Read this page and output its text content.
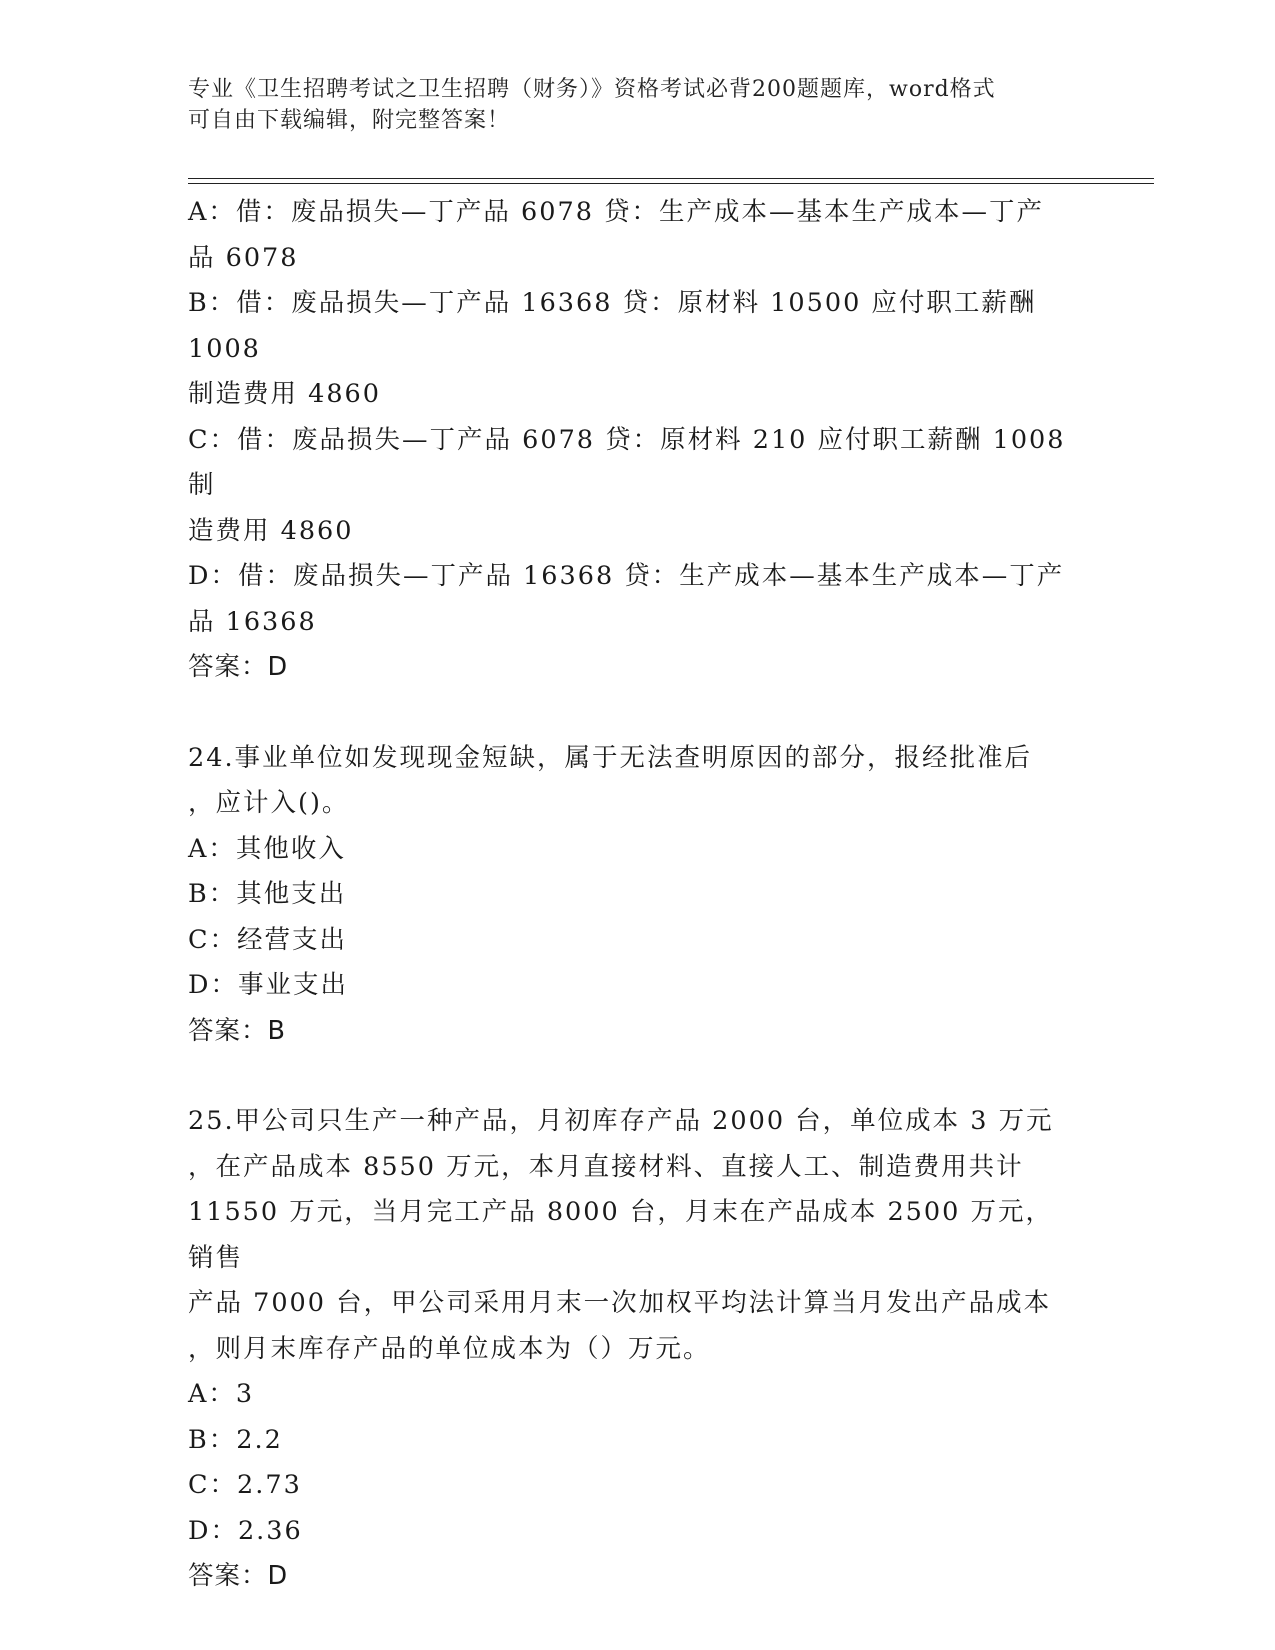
专业《卫生招聘考试之卫生招聘（财务）》资格考试必背200题题库，word格式
可自由下载编辑，附完整答案！
A：借：废品损失—丁产品 6078 贷：生产成本—基本生产成本—丁产
品 6078
B：借：废品损失—丁产品 16368 贷：原材料 10500 应付职工薪酬 1008
制造费用 4860
C：借：废品损失—丁产品 6078 贷：原材料 210 应付职工薪酬 1008 制
造费用 4860
D：借：废品损失—丁产品 16368 贷：生产成本—基本生产成本—丁产
品 16368
答案：D
24.事业单位如发现现金短缺，属于无法查明原因的部分，报经批准后
，应计入()。
A：其他收入
B：其他支出
C：经营支出
D：事业支出
答案：B
25.甲公司只生产一种产品，月初库存产品 2000 台，单位成本 3 万元
，在产品成本 8550 万元，本月直接材料、直接人工、制造费用共计
11550 万元，当月完工产品 8000 台，月末在产品成本 2500 万元，销售
产品 7000 台，甲公司采用月末一次加权平均法计算当月发出产品成本
，则月末库存产品的单位成本为（）万元。
A：3
B：2.2
C：2.73
D：2.36
答案：D
